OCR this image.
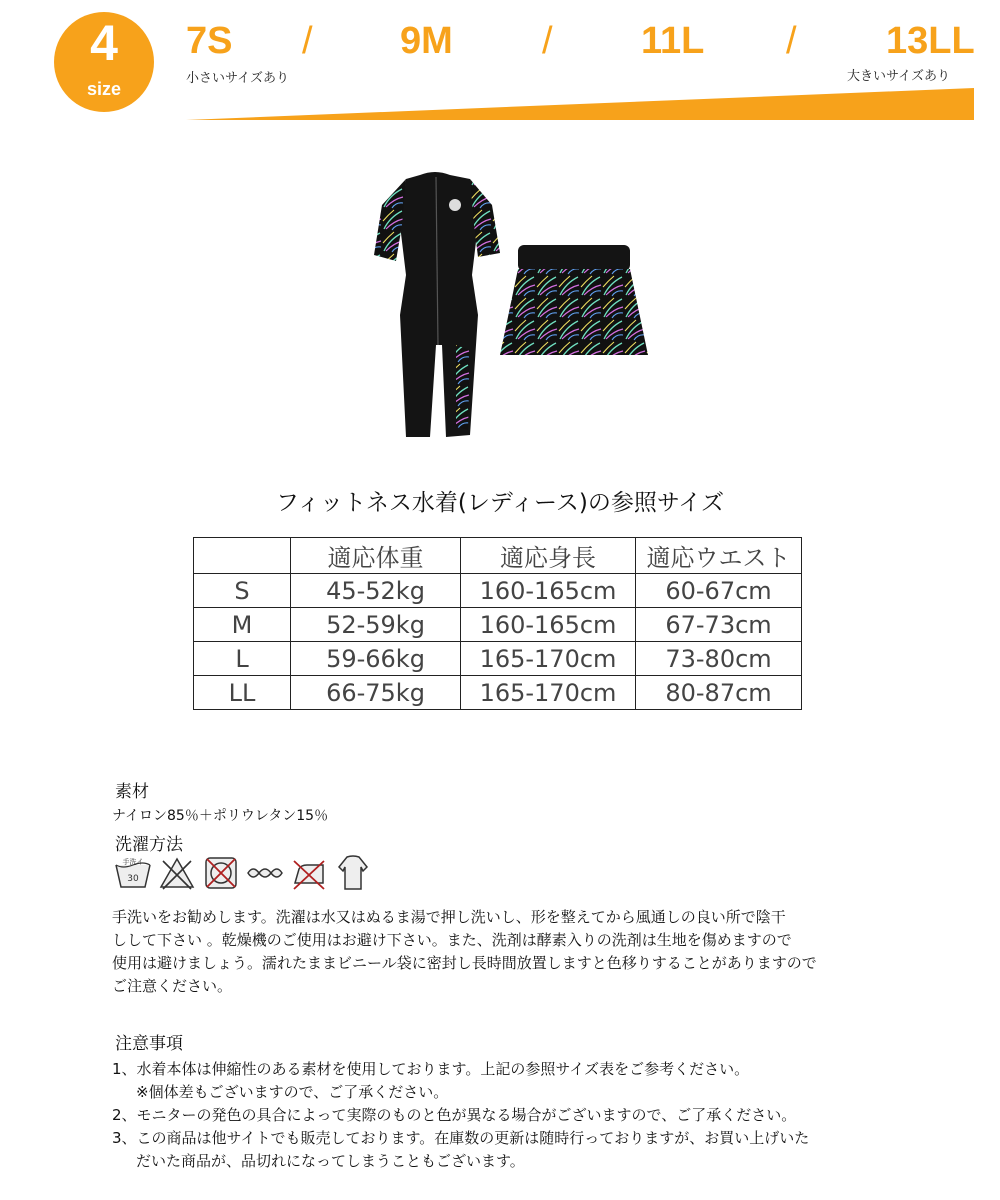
4
size
7S / 9M / 11L / 13LL
小さいサイズあり	大きいサイズあり
フィットネス水着(レディース)の参照サイズ
	適応体重	適応身長	適応ウエスト
S	45-52kg	160-165cm	60-67cm
M	52-59kg	160-165cm	67-73cm
L	59-66kg	165-170cm	73-80cm
LL	66-75kg	165-170cm	80-87cm
素材
ナイロン85％＋ポリウレタン15％
洗濯方法
手洗イ
30
手洗いをお勧めします。洗濯は水又はぬるま湯で押し洗いし、形を整えてから風通しの良い所で陰干
しして下さい 。乾燥機のご使用はお避け下さい。また、洗剤は酵素入りの洗剤は生地を傷めますので
使用は避けましょう。濡れたままビニール袋に密封し長時間放置しますと色移りすることがありますので
ご注意ください。
注意事項
1、水着本体は伸縮性のある素材を使用しております。上記の参照サイズ表をご参考ください。
※個体差もございますので、ご了承ください。
2、モニターの発色の具合によって実際のものと色が異なる場合がございますので、ご了承ください。
3、この商品は他サイトでも販売しております。在庫数の更新は随時行っておりますが、お買い上げいた
だいた商品が、品切れになってしまうこともございます。
